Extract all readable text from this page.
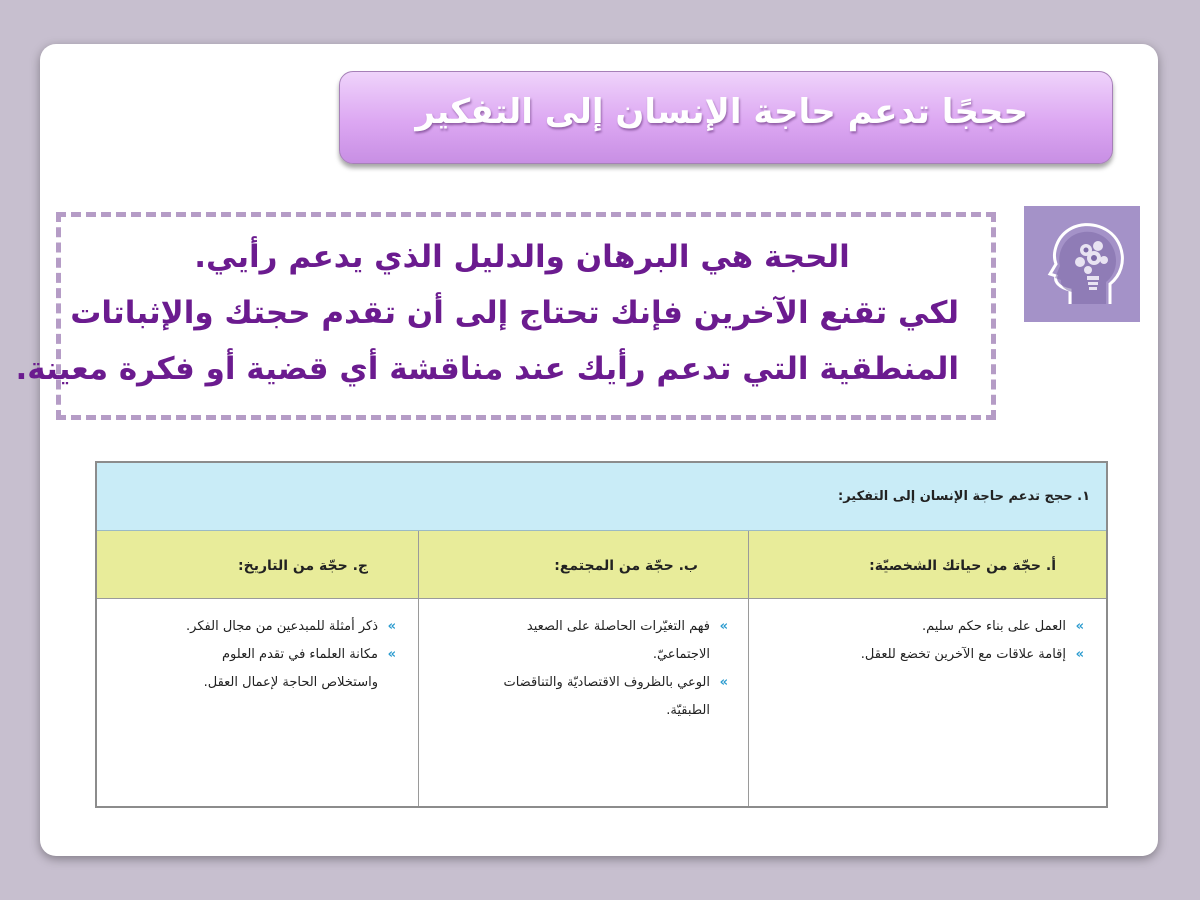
حججًا تدعم حاجة الإنسان إلى التفكير
الحجة هي البرهان والدليل الذي يدعم رأيي.
لكي تقنع الآخرين فإنك تحتاج إلى أن تقدم حجتك والإثباتات
المنطقية التي تدعم رأيك عند مناقشة أي قضية أو فكرة معينة.
١. حجج تدعم حاجة الإنسان إلى التفكير:
أ. حجّة من حياتك الشخصيّة:
ب. حجّة من المجتمع:
ج. حجّة من التاريخ:
»
العمل على بناء حكم سليم.
»
إقامة علاقات مع الآخرين تخضع للعقل.
»
فهم التغيّرات الحاصلة على الصعيد
الاجتماعيّ.
»
الوعي بالظروف الاقتصاديّة والتناقضات
الطبقيّة.
»
ذكر أمثلة للمبدعين من مجال الفكر.
»
مكانة العلماء في تقدم العلوم
واستخلاص الحاجة لإعمال العقل.
